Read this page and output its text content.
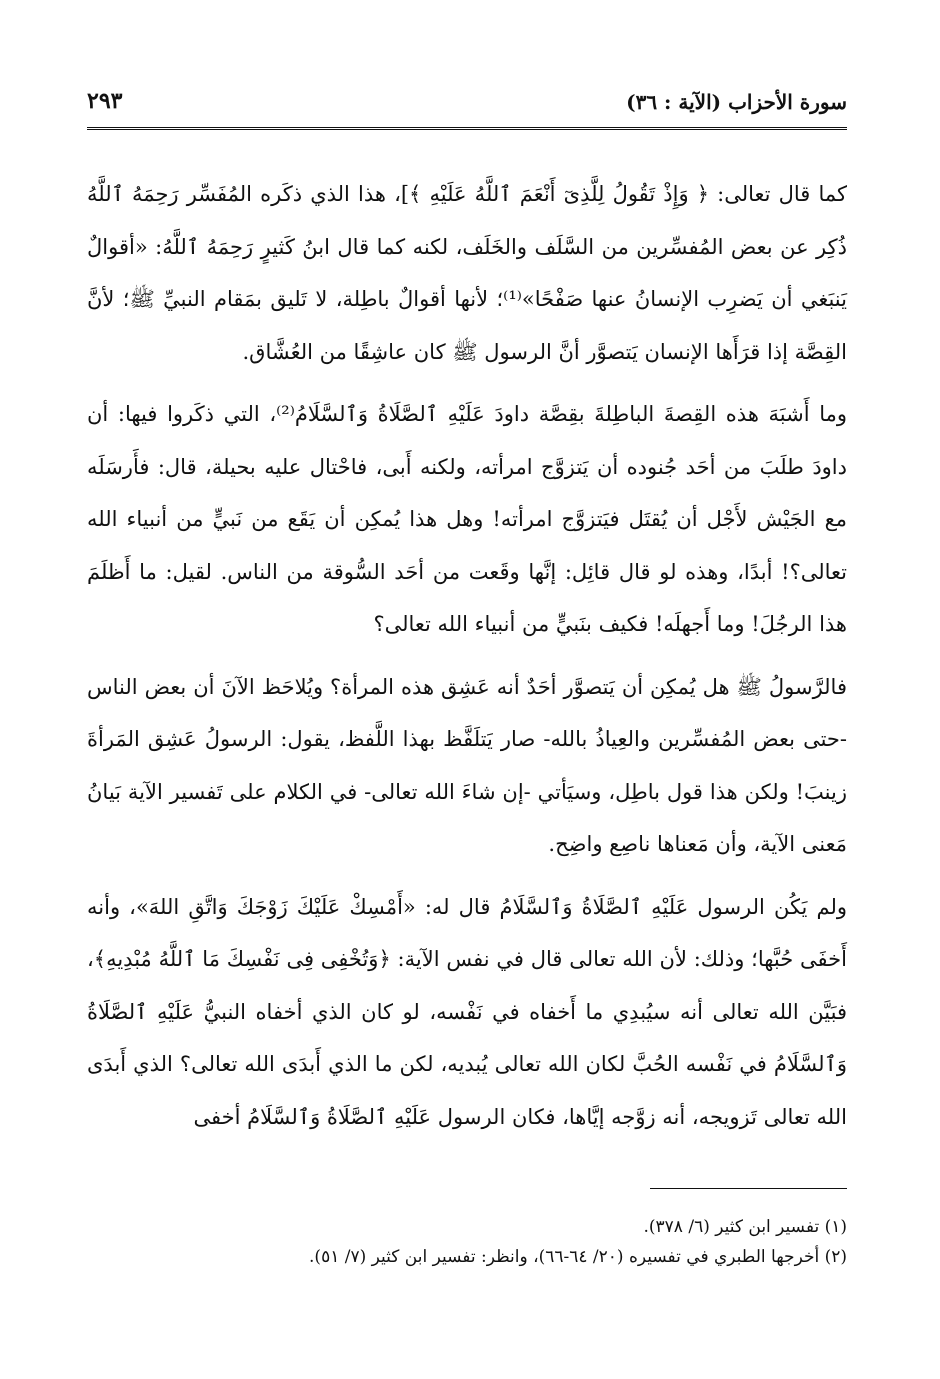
سورة الأحزاب (الآية : ٣٦)
٢٩٣

كما قال تعالى: ﴿ وَإِذْ تَقُولُ لِلَّذِىٓ أَنْعَمَ ٱللَّهُ عَلَيْهِ ﴾]، هذا الذي ذكَره المُفَسِّر رَحِمَهُ ٱللَّهُ ذُكِر عن بعض المُفسِّرين من السَّلَف والخَلَف، لكنه كما قال ابنُ كَثيرٍ رَحِمَهُ ٱللَّهُ: «أقوالٌ يَنبَغي أن يَضرِب الإنسانُ عنها صَفْحًا»⁽¹⁾؛ لأنها أقوالٌ باطِلة، لا تَليق بمَقام النبيِّ ﷺ؛ لأنَّ القِصَّة إذا قرَأَها الإنسان يَتصوَّر أنَّ الرسول ﷺ كان عاشِقًا من العُشَّاق.

وما أَشبَهَ هذه القِصةَ الباطِلةَ بقِصَّة داودَ عَلَيْهِ ٱلصَّلَاةُ وَٱلسَّلَامُ⁽²⁾، التي ذكَروا فيها: أن داودَ طلَبَ من أحَد جُنوده أن يَتزوَّج امرأته، ولكنه أَبى، فاحْتال عليه بحيلة، قال: فأَرسَلَه مع الجَيْش لأَجْل أن يُقتَل فيَتزوَّج امرأته! وهل هذا يُمكِن أن يَقَع من نَبيٍّ من أنبياء الله تعالى؟! أبدًا، وهذه لو قال قائِل: إنَّها وقَعت من أحَد السُّوقة من الناس. لقيل: ما أَظلَمَ هذا الرجُلَ! وما أَجهلَه! فكيف بنَبيٍّ من أنبياء الله تعالى؟

فالرَّسولُ ﷺ هل يُمكِن أن يَتصوَّر أحَدٌ أنه عَشِق هذه المرأة؟ ويُلاحَظ الآنَ أن بعض الناس -حتى بعض المُفسِّرين والعِياذُ بالله- صار يَتلَفَّظ بهذا اللَّفظ، يقول: الرسولُ عَشِق المَرأةَ زينبَ! ولكن هذا قول باطِل، وسيَأتي -إن شاءَ الله تعالى- في الكلام على تَفسير الآية بَيانُ مَعنى الآية، وأن مَعناها ناصِع واضِح.

ولم يَكُن الرسول عَلَيْهِ ٱلصَّلَاةُ وَٱلسَّلَامُ قال له: «أَمْسِكْ عَلَيْكَ زَوْجَكَ وَاتَّقِ اللهَ»، وأنه أَخفَى حُبَّها؛ وذلك: لأن الله تعالى قال في نفس الآية: ﴿وَتُخْفِى فِى نَفْسِكَ مَا ٱللَّهُ مُبْدِيهِ﴾، فبَيَّن الله تعالى أنه سيُبدِي ما أَخفاه في نَفْسه، لو كان الذي أخفاه النبيُّ عَلَيْهِ ٱلصَّلَاةُ وَٱلسَّلَامُ في نَفْسه الحُبَّ لكان الله تعالى يُبديه، لكن ما الذي أَبدَى الله تعالى؟ الذي أَبدَى الله تعالى تَزويجه، أنه زوَّجه إيَّاها، فكان الرسول عَلَيْهِ ٱلصَّلَاةُ وَٱلسَّلَامُ أخفى

(١) تفسير ابن كثير (٦/ ٣٧٨).

(٢) أخرجها الطبري في تفسيره (٢٠/ ٦٤-٦٦)، وانظر: تفسير ابن كثير (٧/ ٥١).
